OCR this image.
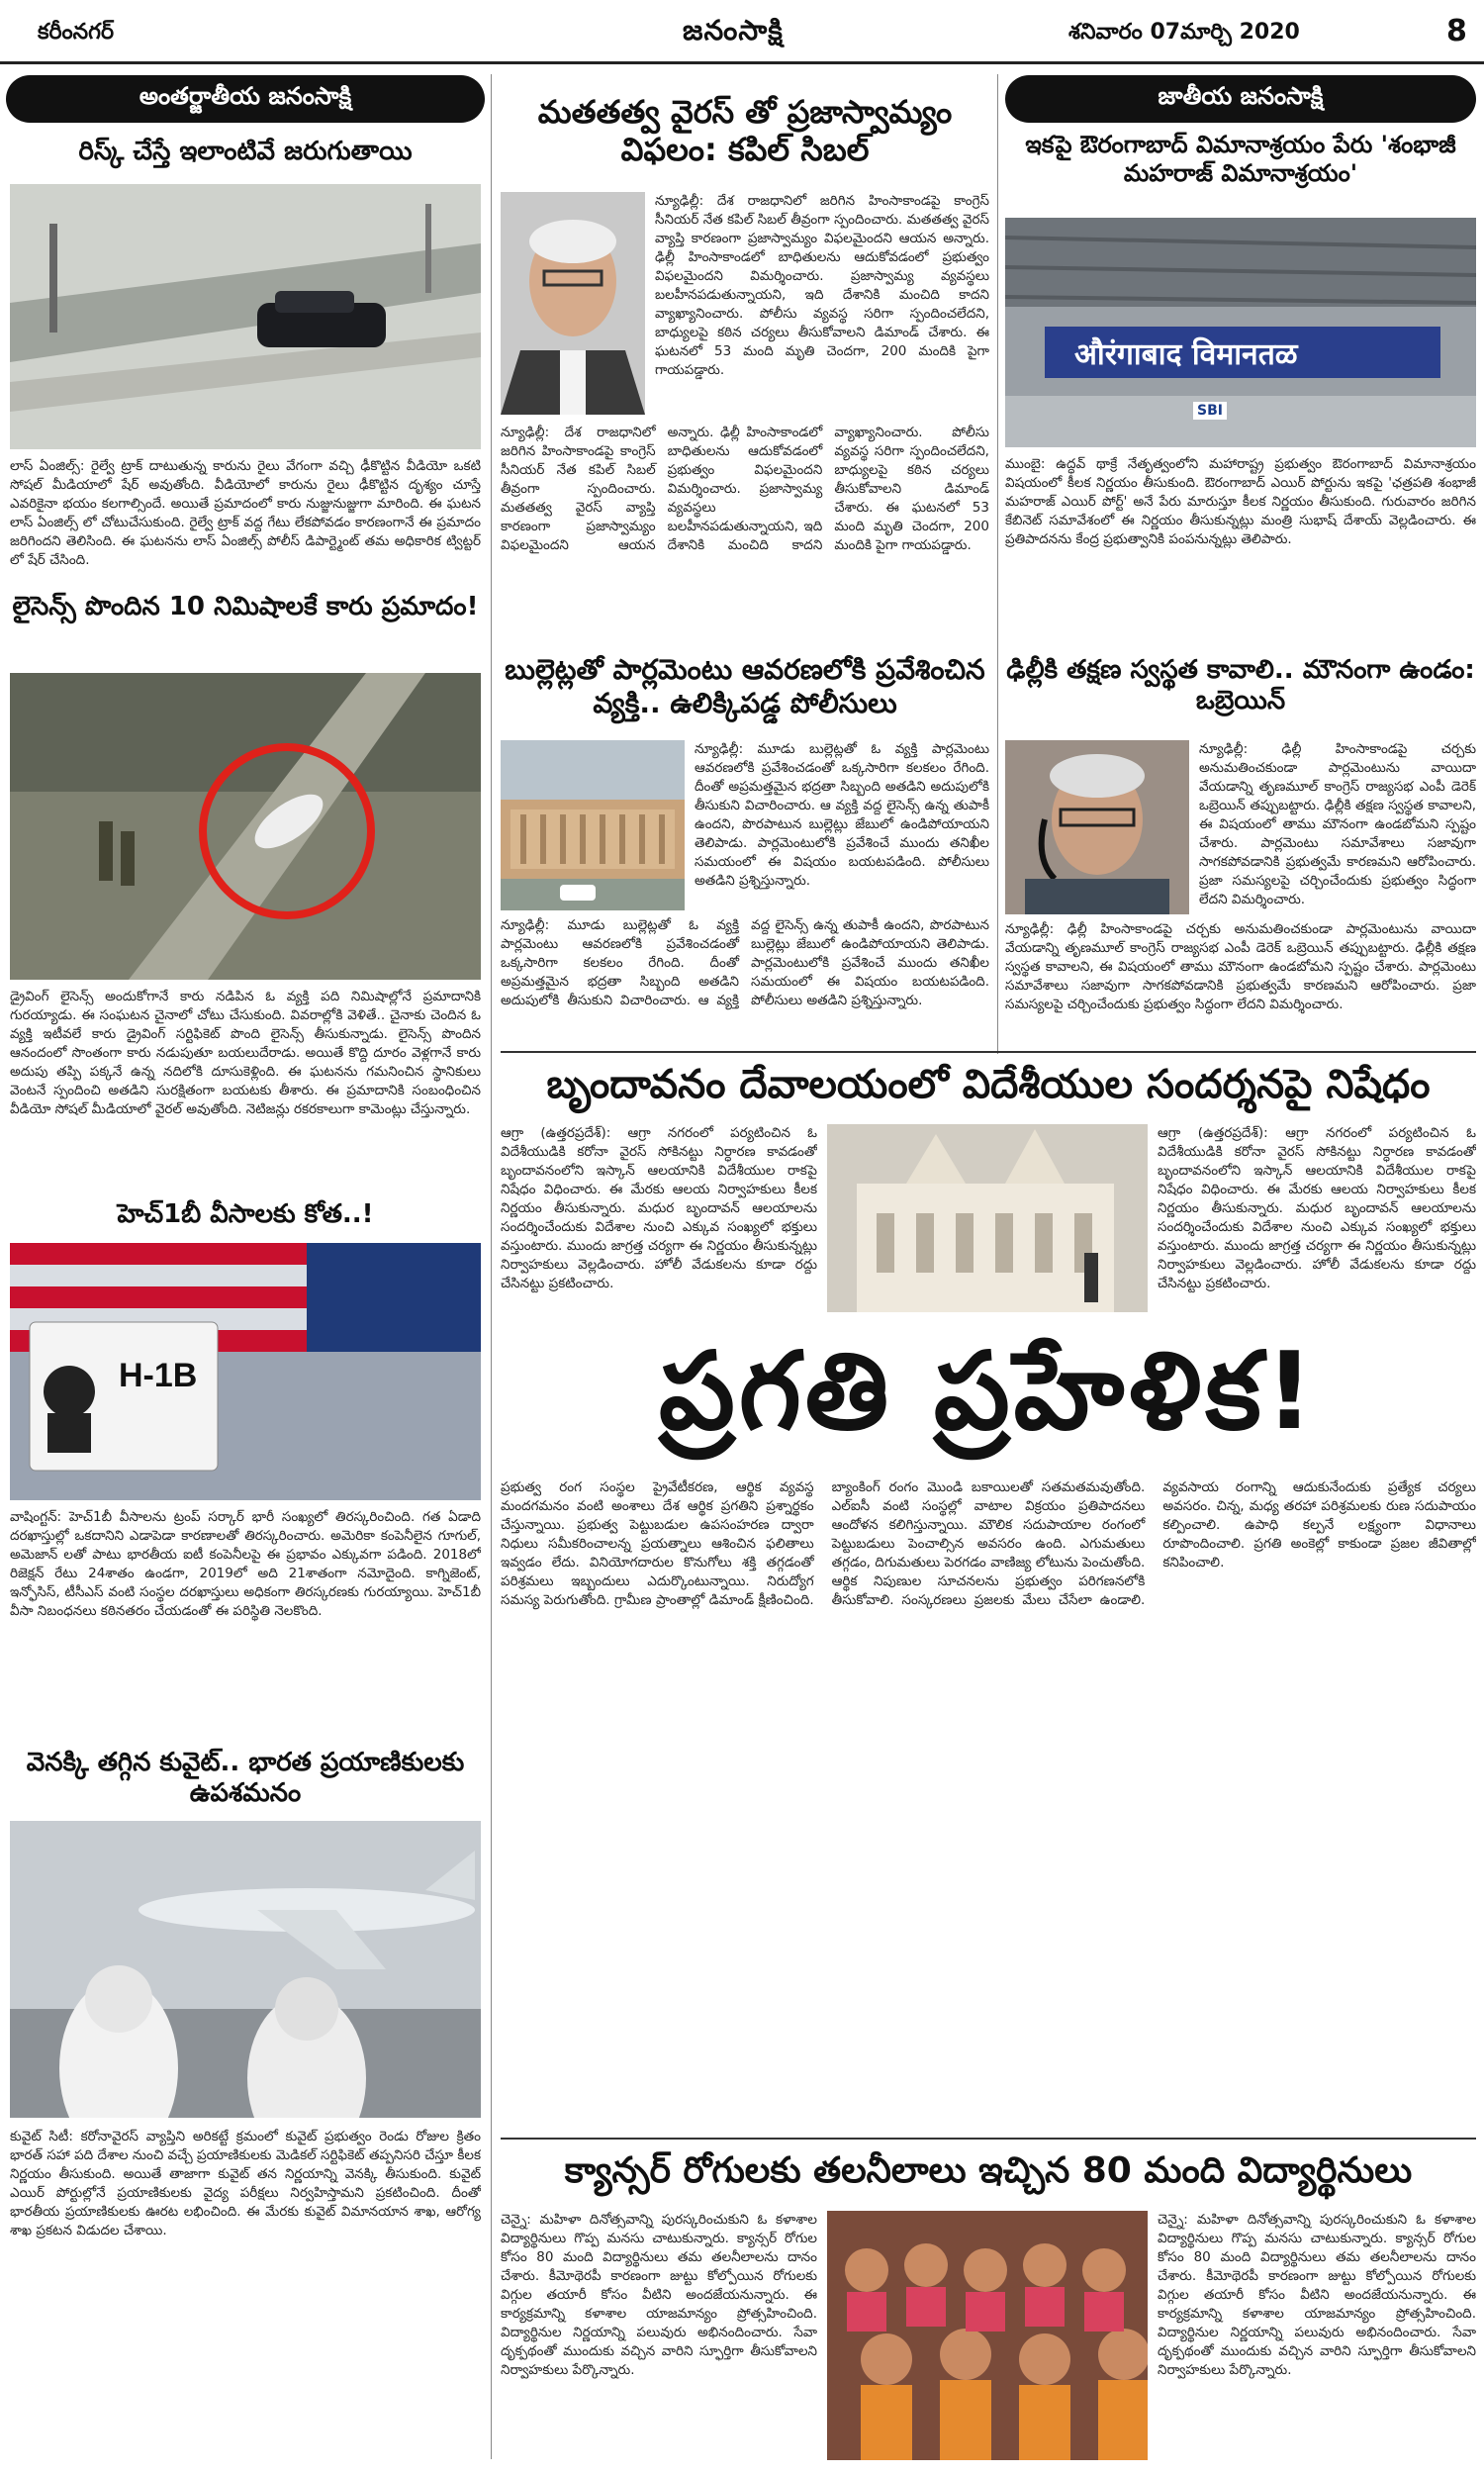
కరీంనగర్	జనంసాక్షి	శనివారం 07మార్చి 2020	8
అంతర్జాతీయ జనంసాక్షి
రిస్క్ చేస్తే ఇలాంటివే జరుగుతాయి
లాస్ ఏంజిల్స్: రైల్వే ట్రాక్ దాటుతున్న కారును రైలు వేగంగా వచ్చి ఢీకొట్టిన వీడియో ఒకటి సోషల్ మీడియాలో షేర్ అవుతోంది. వీడియోలో కారును రైలు ఢీకొట్టిన దృశ్యం చూస్తే ఎవరికైనా భయం కలగాల్సిందే. అయితే ప్రమాదంలో కారు నుజ్జునుజ్జుగా మారింది. ఈ ఘటన లాస్ ఏంజిల్స్ లో చోటుచేసుకుంది. రైల్వే ట్రాక్ వద్ద గేటు లేకపోవడం కారణంగానే ఈ ప్రమాదం జరిగిందని తెలిసింది. ఈ ఘటనను లాస్ ఏంజిల్స్ పోలీస్ డిపార్ట్మెంట్ తమ అధికారిక ట్విట్టర్ లో షేర్ చేసింది.
లైసెన్స్ పొందిన 10 నిమిషాలకే కారు ప్రమాదం!
డ్రైవింగ్ లైసెన్స్ అందుకోగానే కారు నడిపిన ఓ వ్యక్తి పది నిమిషాల్లోనే ప్రమాదానికి గురయ్యాడు. ఈ సంఘటన చైనాలో చోటు చేసుకుంది. వివరాల్లోకి వెళితే.. చైనాకు చెందిన ఓ వ్యక్తి ఇటీవలే కారు డ్రైవింగ్ సర్టిఫికెట్ పొంది లైసెన్స్ తీసుకున్నాడు. లైసెన్స్ పొందిన ఆనందంలో సొంతంగా కారు నడుపుతూ బయలుదేరాడు. అయితే కొద్ది దూరం వెళ్లగానే కారు అదుపు తప్పి పక్కనే ఉన్న నదిలోకి దూసుకెళ్లింది. ఈ ఘటనను గమనించిన స్థానికులు వెంటనే స్పందించి అతడిని సురక్షితంగా బయటకు తీశారు. ఈ ప్రమాదానికి సంబంధించిన వీడియో సోషల్ మీడియాలో వైరల్ అవుతోంది. నెటిజన్లు రకరకాలుగా కామెంట్లు చేస్తున్నారు.
హెచ్1బీ వీసాలకు కోత..!
H-1B
వాషింగ్టన్: హెచ్1బీ వీసాలను ట్రంప్ సర్కార్ భారీ సంఖ్యలో తిరస్కరించింది. గత ఏడాది దరఖాస్తుల్లో ఒకదానిని ఎడాపెడా కారణాలతో తిరస్కరించారు. అమెరికా కంపెనీలైన గూగుల్, అమెజాన్ లతో పాటు భారతీయ ఐటీ కంపెనీలపై ఈ ప్రభావం ఎక్కువగా పడింది. 2018లో రిజెక్షన్ రేటు 24శాతం ఉండగా, 2019లో అది 21శాతంగా నమోదైంది. కాగ్నిజెంట్, ఇన్ఫోసిస్, టీసీఎస్ వంటి సంస్థల దరఖాస్తులు అధికంగా తిరస్కరణకు గురయ్యాయి. హెచ్1బీ వీసా నిబంధనలు కఠినతరం చేయడంతో ఈ పరిస్థితి నెలకొంది.
వెనక్కి తగ్గిన కువైట్.. భారత ప్రయాణికులకు ఉపశమనం
కువైట్ సిటీ: కరోనావైరస్ వ్యాప్తిని అరికట్టే క్రమంలో కువైట్ ప్రభుత్వం రెండు రోజుల క్రితం భారత్ సహా పది దేశాల నుంచి వచ్చే ప్రయాణికులకు మెడికల్ సర్టిఫికెట్ తప్పనిసరి చేస్తూ కీలక నిర్ణయం తీసుకుంది. అయితే తాజాగా కువైట్ తన నిర్ణయాన్ని వెనక్కి తీసుకుంది. కువైట్ ఎయిర్ పోర్టుల్లోనే ప్రయాణికులకు వైద్య పరీక్షలు నిర్వహిస్తామని ప్రకటించింది. దీంతో భారతీయ ప్రయాణికులకు ఊరట లభించింది. ఈ మేరకు కువైట్ విమానయాన శాఖ, ఆరోగ్య శాఖ ప్రకటన విడుదల చేశాయి.
మతతత్వ వైరస్ తో ప్రజాస్వామ్యం విఫలం: కపిల్ సిబల్
న్యూఢిల్లీ: దేశ రాజధానిలో జరిగిన హింసాకాండపై కాంగ్రెస్ సీనియర్ నేత కపిల్ సిబల్ తీవ్రంగా స్పందించారు. మతతత్వ వైరస్ వ్యాప్తి కారణంగా ప్రజాస్వామ్యం విఫలమైందని ఆయన అన్నారు. ఢిల్లీ హింసాకాండలో బాధితులను ఆదుకోవడంలో ప్రభుత్వం విఫలమైందని విమర్శించారు. ప్రజాస్వామ్య వ్యవస్థలు బలహీనపడుతున్నాయని, ఇది దేశానికి మంచిది కాదని వ్యాఖ్యానించారు. పోలీసు వ్యవస్థ సరిగా స్పందించలేదని, బాధ్యులపై కఠిన చర్యలు తీసుకోవాలని డిమాండ్ చేశారు. ఈ ఘటనలో 53 మంది మృతి చెందగా, 200 మందికి పైగా గాయపడ్డారు.
న్యూఢిల్లీ: దేశ రాజధానిలో జరిగిన హింసాకాండపై కాంగ్రెస్ సీనియర్ నేత కపిల్ సిబల్ తీవ్రంగా స్పందించారు. మతతత్వ వైరస్ వ్యాప్తి కారణంగా ప్రజాస్వామ్యం విఫలమైందని ఆయన అన్నారు. ఢిల్లీ హింసాకాండలో బాధితులను ఆదుకోవడంలో ప్రభుత్వం విఫలమైందని విమర్శించారు. ప్రజాస్వామ్య వ్యవస్థలు బలహీనపడుతున్నాయని, ఇది దేశానికి మంచిది కాదని వ్యాఖ్యానించారు. పోలీసు వ్యవస్థ సరిగా స్పందించలేదని, బాధ్యులపై కఠిన చర్యలు తీసుకోవాలని డిమాండ్ చేశారు. ఈ ఘటనలో 53 మంది మృతి చెందగా, 200 మందికి పైగా గాయపడ్డారు.
బుల్లెట్లతో పార్లమెంటు ఆవరణలోకి ప్రవేశించిన వ్యక్తి.. ఉలిక్కిపడ్డ పోలీసులు
న్యూఢిల్లీ: మూడు బుల్లెట్లతో ఓ వ్యక్తి పార్లమెంటు ఆవరణలోకి ప్రవేశించడంతో ఒక్కసారిగా కలకలం రేగింది. దీంతో అప్రమత్తమైన భద్రతా సిబ్బంది అతడిని అదుపులోకి తీసుకుని విచారించారు. ఆ వ్యక్తి వద్ద లైసెన్స్ ఉన్న తుపాకీ ఉందని, పొరపాటున బుల్లెట్లు జేబులో ఉండిపోయాయని తెలిపాడు. పార్లమెంటులోకి ప్రవేశించే ముందు తనిఖీల సమయంలో ఈ విషయం బయటపడింది. పోలీసులు అతడిని ప్రశ్నిస్తున్నారు.
న్యూఢిల్లీ: మూడు బుల్లెట్లతో ఓ వ్యక్తి పార్లమెంటు ఆవరణలోకి ప్రవేశించడంతో ఒక్కసారిగా కలకలం రేగింది. దీంతో అప్రమత్తమైన భద్రతా సిబ్బంది అతడిని అదుపులోకి తీసుకుని విచారించారు. ఆ వ్యక్తి వద్ద లైసెన్స్ ఉన్న తుపాకీ ఉందని, పొరపాటున బుల్లెట్లు జేబులో ఉండిపోయాయని తెలిపాడు. పార్లమెంటులోకి ప్రవేశించే ముందు తనిఖీల సమయంలో ఈ విషయం బయటపడింది. పోలీసులు అతడిని ప్రశ్నిస్తున్నారు.
జాతీయ జనంసాక్షి
ఇకపై ఔరంగాబాద్ విమానాశ్రయం పేరు 'శంభాజీ మహరాజ్ విమానాశ్రయం'
औरंगाबाद विमानतळ
SBI
ముంబై: ఉద్ధవ్ థాక్రే నేతృత్వంలోని మహారాష్ట్ర ప్రభుత్వం ఔరంగాబాద్ విమానాశ్రయం విషయంలో కీలక నిర్ణయం తీసుకుంది. ఔరంగాబాద్ ఎయిర్ పోర్టును ఇకపై 'ఛత్రపతి శంభాజీ మహరాజ్ ఎయిర్ పోర్ట్' అనే పేరు మారుస్తూ కీలక నిర్ణయం తీసుకుంది. గురువారం జరిగిన కేబినెట్ సమావేశంలో ఈ నిర్ణయం తీసుకున్నట్లు మంత్రి సుభాష్ దేశాయ్ వెల్లడించారు. ఈ ప్రతిపాదనను కేంద్ర ప్రభుత్వానికి పంపనున్నట్లు తెలిపారు.
ఢిల్లీకి తక్షణ స్వస్థత కావాలి.. మౌనంగా ఉండం: ఒబ్రెయిన్
న్యూఢిల్లీ: ఢిల్లీ హింసాకాండపై చర్చకు అనుమతించకుండా పార్లమెంటును వాయిదా వేయడాన్ని తృణమూల్ కాంగ్రెస్ రాజ్యసభ ఎంపీ డెరెక్ ఒబ్రెయిన్ తప్పుబట్టారు. ఢిల్లీకి తక్షణ స్వస్థత కావాలని, ఈ విషయంలో తాము మౌనంగా ఉండబోమని స్పష్టం చేశారు. పార్లమెంటు సమావేశాలు సజావుగా సాగకపోవడానికి ప్రభుత్వమే కారణమని ఆరోపించారు. ప్రజా సమస్యలపై చర్చించేందుకు ప్రభుత్వం సిద్ధంగా లేదని విమర్శించారు.
న్యూఢిల్లీ: ఢిల్లీ హింసాకాండపై చర్చకు అనుమతించకుండా పార్లమెంటును వాయిదా వేయడాన్ని తృణమూల్ కాంగ్రెస్ రాజ్యసభ ఎంపీ డెరెక్ ఒబ్రెయిన్ తప్పుబట్టారు. ఢిల్లీకి తక్షణ స్వస్థత కావాలని, ఈ విషయంలో తాము మౌనంగా ఉండబోమని స్పష్టం చేశారు. పార్లమెంటు సమావేశాలు సజావుగా సాగకపోవడానికి ప్రభుత్వమే కారణమని ఆరోపించారు. ప్రజా సమస్యలపై చర్చించేందుకు ప్రభుత్వం సిద్ధంగా లేదని విమర్శించారు.
బృందావనం దేవాలయంలో విదేశీయుల సందర్శనపై నిషేధం
ఆగ్రా (ఉత్తరప్రదేశ్): ఆగ్రా నగరంలో పర్యటించిన ఓ విదేశీయుడికి కరోనా వైరస్ సోకినట్టు నిర్ధారణ కావడంతో బృందావనంలోని ఇస్కాన్ ఆలయానికి విదేశీయుల రాకపై నిషేధం విధించారు. ఈ మేరకు ఆలయ నిర్వాహకులు కీలక నిర్ణయం తీసుకున్నారు. మధుర బృందావన్ ఆలయాలను సందర్శించేందుకు విదేశాల నుంచి ఎక్కువ సంఖ్యలో భక్తులు వస్తుంటారు. ముందు జాగ్రత్త చర్యగా ఈ నిర్ణయం తీసుకున్నట్లు నిర్వాహకులు వెల్లడించారు. హోలీ వేడుకలను కూడా రద్దు చేసినట్టు ప్రకటించారు.
ఆగ్రా (ఉత్తరప్రదేశ్): ఆగ్రా నగరంలో పర్యటించిన ఓ విదేశీయుడికి కరోనా వైరస్ సోకినట్టు నిర్ధారణ కావడంతో బృందావనంలోని ఇస్కాన్ ఆలయానికి విదేశీయుల రాకపై నిషేధం విధించారు. ఈ మేరకు ఆలయ నిర్వాహకులు కీలక నిర్ణయం తీసుకున్నారు. మధుర బృందావన్ ఆలయాలను సందర్శించేందుకు విదేశాల నుంచి ఎక్కువ సంఖ్యలో భక్తులు వస్తుంటారు. ముందు జాగ్రత్త చర్యగా ఈ నిర్ణయం తీసుకున్నట్లు నిర్వాహకులు వెల్లడించారు. హోలీ వేడుకలను కూడా రద్దు చేసినట్టు ప్రకటించారు.
ప్రగతి ప్రహేళిక!
ప్రభుత్వ రంగ సంస్థల ప్రైవేటీకరణ, ఆర్థిక వ్యవస్థ మందగమనం వంటి అంశాలు దేశ ఆర్థిక ప్రగతిని ప్రశ్నార్థకం చేస్తున్నాయి. ప్రభుత్వ పెట్టుబడుల ఉపసంహరణ ద్వారా నిధులు సమీకరించాలన్న ప్రయత్నాలు ఆశించిన ఫలితాలు ఇవ్వడం లేదు. వినియోగదారుల కొనుగోలు శక్తి తగ్గడంతో పరిశ్రమలు ఇబ్బందులు ఎదుర్కొంటున్నాయి. నిరుద్యోగ సమస్య పెరుగుతోంది. గ్రామీణ ప్రాంతాల్లో డిమాండ్ క్షీణించింది. బ్యాంకింగ్ రంగం మొండి బకాయిలతో సతమతమవుతోంది. ఎల్ఐసీ వంటి సంస్థల్లో వాటాల విక్రయం ప్రతిపాదనలు ఆందోళన కలిగిస్తున్నాయి. మౌలిక సదుపాయాల రంగంలో పెట్టుబడులు పెంచాల్సిన అవసరం ఉంది. ఎగుమతులు తగ్గడం, దిగుమతులు పెరగడం వాణిజ్య లోటును పెంచుతోంది. ఆర్థిక నిపుణుల సూచనలను ప్రభుత్వం పరిగణనలోకి తీసుకోవాలి. సంస్కరణలు ప్రజలకు మేలు చేసేలా ఉండాలి. వ్యవసాయ రంగాన్ని ఆదుకునేందుకు ప్రత్యేక చర్యలు అవసరం. చిన్న, మధ్య తరహా పరిశ్రమలకు రుణ సదుపాయం కల్పించాలి. ఉపాధి కల్పనే లక్ష్యంగా విధానాలు రూపొందించాలి. ప్రగతి అంకెల్లో కాకుండా ప్రజల జీవితాల్లో కనిపించాలి.
క్యాన్సర్ రోగులకు తలనీలాలు ఇచ్చిన 80 మంది విద్యార్థినులు
చెన్నై: మహిళా దినోత్సవాన్ని పురస్కరించుకుని ఓ కళాశాల విద్యార్థినులు గొప్ప మనసు చాటుకున్నారు. క్యాన్సర్ రోగుల కోసం 80 మంది విద్యార్థినులు తమ తలనీలాలను దానం చేశారు. కీమోథెరపీ కారణంగా జుట్టు కోల్పోయిన రోగులకు విగ్గుల తయారీ కోసం వీటిని అందజేయనున్నారు. ఈ కార్యక్రమాన్ని కళాశాల యాజమాన్యం ప్రోత్సహించింది. విద్యార్థినుల నిర్ణయాన్ని పలువురు అభినందించారు. సేవా దృక్పథంతో ముందుకు వచ్చిన వారిని స్ఫూర్తిగా తీసుకోవాలని నిర్వాహకులు పేర్కొన్నారు.
చెన్నై: మహిళా దినోత్సవాన్ని పురస్కరించుకుని ఓ కళాశాల విద్యార్థినులు గొప్ప మనసు చాటుకున్నారు. క్యాన్సర్ రోగుల కోసం 80 మంది విద్యార్థినులు తమ తలనీలాలను దానం చేశారు. కీమోథెరపీ కారణంగా జుట్టు కోల్పోయిన రోగులకు విగ్గుల తయారీ కోసం వీటిని అందజేయనున్నారు. ఈ కార్యక్రమాన్ని కళాశాల యాజమాన్యం ప్రోత్సహించింది. విద్యార్థినుల నిర్ణయాన్ని పలువురు అభినందించారు. సేవా దృక్పథంతో ముందుకు వచ్చిన వారిని స్ఫూర్తిగా తీసుకోవాలని నిర్వాహకులు పేర్కొన్నారు.
